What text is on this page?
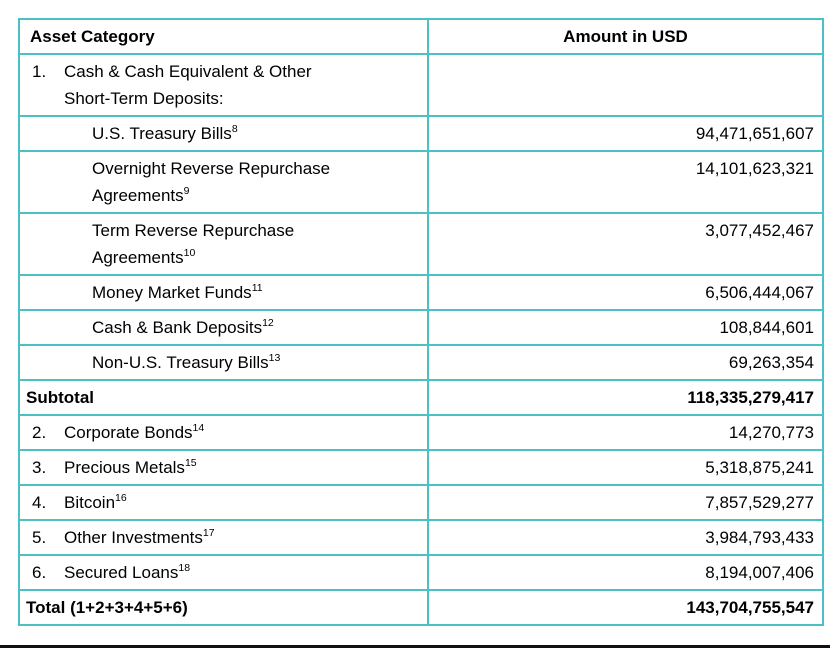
Asset Category	Amount in USD

1. Cash & Cash Equivalent & Other Short-Term Deposits:	

U.S. Treasury Bills$^8$	94,471,651,607

Overnight Reverse Repurchase Agreements$^9$	14,101,623,321

Term Reverse Repurchase Agreements$^{10}$	3,077,452,467

Money Market Funds$^{11}$	6,506,444,067

Cash & Bank Deposits$^{12}$	108,844,601

Non-U.S. Treasury Bills$^{13}$	69,263,354

Subtotal	118,335,279,417

2. Corporate Bonds$^{14}$	14,270,773

3. Precious Metals$^{15}$	5,318,875,241

4. Bitcoin$^{16}$	7,857,529,277

5. Other Investments$^{17}$	3,984,793,433

6. Secured Loans$^{18}$	8,194,007,406

Total (1+2+3+4+5+6)	143,704,755,547
